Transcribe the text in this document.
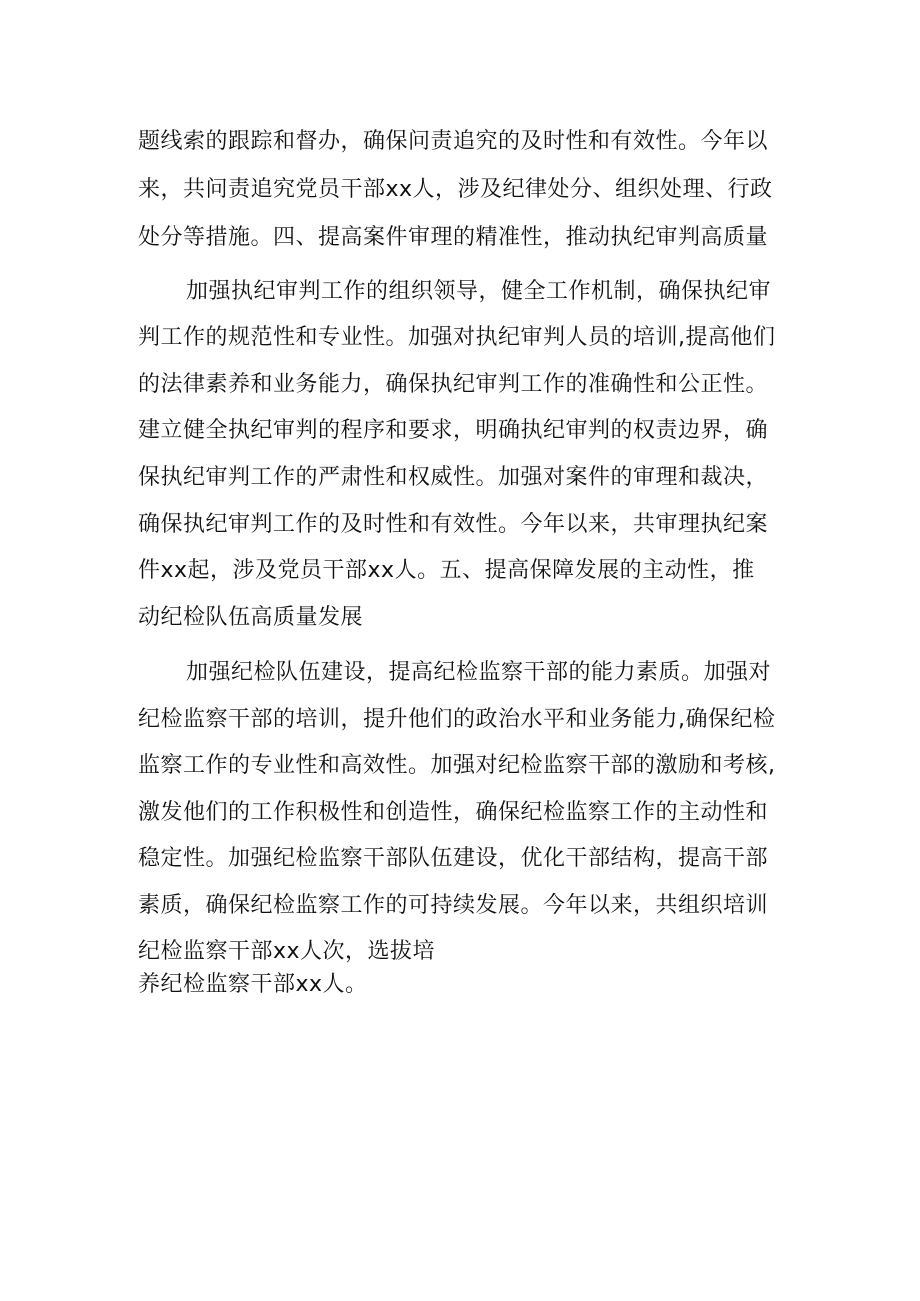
题线索的跟踪和督办，确保问责追究的及时性和有效性。今年以
来，共问责追究党员干部xx人，涉及纪律处分、组织处理、行政
处分等措施。四、提高案件审理的精准性，推动执纪审判高质量
加强执纪审判工作的组织领导，健全工作机制，确保执纪审
判工作的规范性和专业性。加强对执纪审判人员的培训,提高他们
的法律素养和业务能力，确保执纪审判工作的准确性和公正性。
建立健全执纪审判的程序和要求，明确执纪审判的权责边界，确
保执纪审判工作的严肃性和权威性。加强对案件的审理和裁决，
确保执纪审判工作的及时性和有效性。今年以来，共审理执纪案
件xx起，涉及党员干部xx人。五、提高保障发展的主动性，推
动纪检队伍高质量发展
加强纪检队伍建设，提高纪检监察干部的能力素质。加强对
纪检监察干部的培训，提升他们的政治水平和业务能力,确保纪检
监察工作的专业性和高效性。加强对纪检监察干部的激励和考核,
激发他们的工作积极性和创造性，确保纪检监察工作的主动性和
稳定性。加强纪检监察干部队伍建设，优化干部结构，提高干部
素质，确保纪检监察工作的可持续发展。今年以来，共组织培训
纪检监察干部xx人次，选拔培
养纪检监察干部xx人。
